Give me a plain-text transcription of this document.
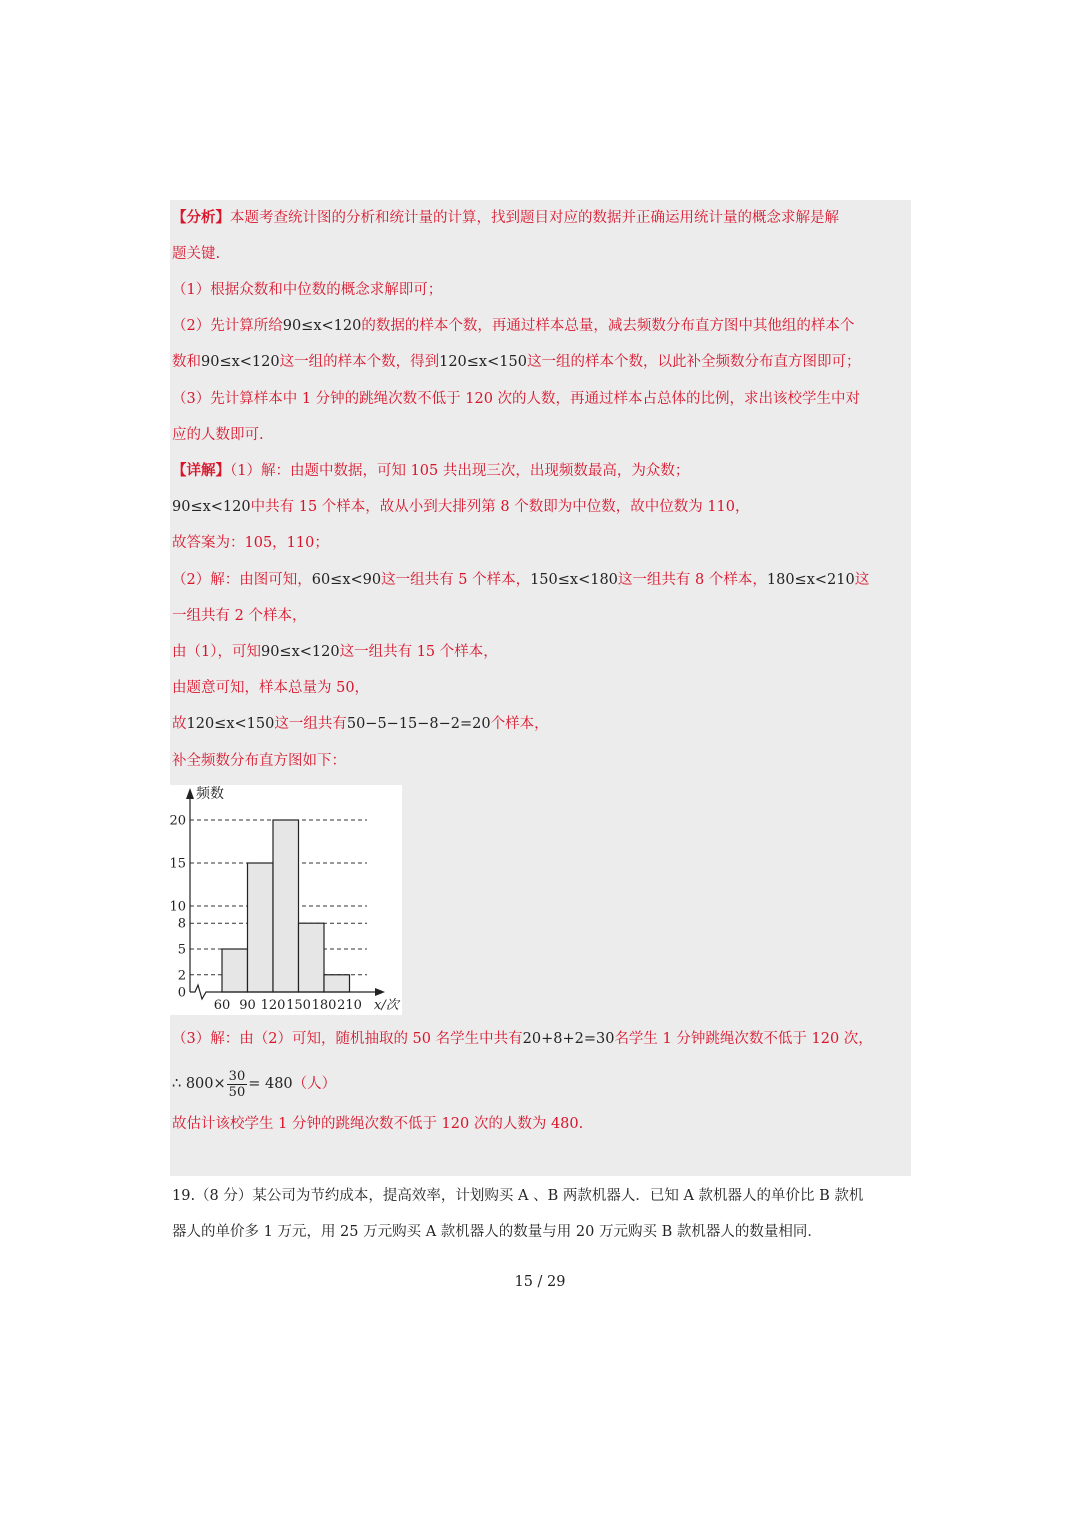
【分析】本题考查统计图的分析和统计量的计算，找到题目对应的数据并正确运用统计量的概念求解是解
题关键.
（1）根据众数和中位数的概念求解即可；
（2）先计算所给90≤x<120的数据的样本个数，再通过样本总量，减去频数分布直方图中其他组的样本个
数和90≤x<120这一组的样本个数，得到120≤x<150这一组的样本个数，以此补全频数分布直方图即可；
（3）先计算样本中 1 分钟的跳绳次数不低于 120 次的人数，再通过样本占总体的比例，求出该校学生中对
应的人数即可.
【详解】（1）解：由题中数据，可知 105 共出现三次，出现频数最高，为众数；
90≤x<120中共有 15 个样本，故从小到大排列第 8 个数即为中位数，故中位数为 110，
故答案为：105，110；
（2）解：由图可知，60≤x<90这一组共有 5 个样本，150≤x<180这一组共有 8 个样本，180≤x<210这
一组共有 2 个样本，
由（1），可知90≤x<120这一组共有 15 个样本，
由题意可知，样本总量为 50，
故120≤x<150这一组共有50−5−15−8−2=20个样本，
补全频数分布直方图如下：
0
2
5
8
10
15
20
60 90 120 150 180 210
频数
x/次
（3）解：由（2）可知，随机抽取的 50 名学生中共有20+8+2=30名学生 1 分钟跳绳次数不低于 120 次，
∴ $800\times \frac{30}{50} = 480$（人）
故估计该校学生 1 分钟的跳绳次数不低于 120 次的人数为 480.
19.（8 分）某公司为节约成本，提高效率，计划购买 A 、B 两款机器人．已知 A 款机器人的单价比 B 款机
器人的单价多 1 万元，用 25 万元购买 A 款机器人的数量与用 20 万元购买 B 款机器人的数量相同．
15 / 29
